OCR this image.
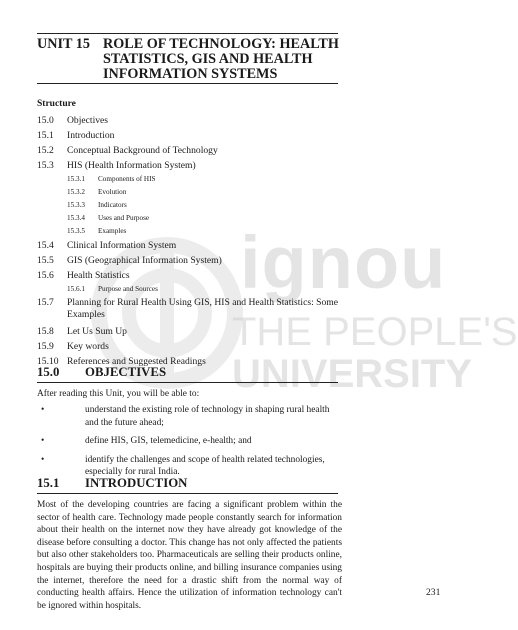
ignou
THE PEOPLE'S
UNIVERSITY
UNIT 15 ROLE OF TECHNOLOGY: HEALTH
STATISTICS, GIS AND HEALTH
INFORMATION SYSTEMS
Structure
15.0	Objectives
15.1	Introduction
15.2	Conceptual Background of Technology
15.3	HIS (Health Information System)
15.3.1	Components of HIS
15.3.2	Evolution
15.3.3	Indicators
15.3.4	Uses and Purpose
15.3.5	Examples
15.4	Clinical Information System
15.5	GIS (Geographical Information System)
15.6	Health Statistics
15.6.1	Purpose and Sources
15.7	Planning for Rural Health Using GIS, HIS and Health Statistics: Some Examples
15.8	Let Us Sum Up
15.9	Key words
15.10 References and Suggested Readings
15.0 OBJECTIVES
After reading this Unit, you will be able to:
•	understand the existing role of technology in shaping rural health and the future ahead;
•	define HIS, GIS, telemedicine, e-health; and
•	identify the challenges and scope of health related technologies, especially for rural India.
15.1 INTRODUCTION
Most of the developing countries are facing a significant problem within the sector of health care. Technology made people constantly search for information about their health on the internet now they have already got knowledge of the disease before consulting a doctor. This change has not only affected the patients but also other stakeholders too. Pharmaceuticals are selling their products online, hospitals are buying their products online, and billing insurance companies using the internet, therefore the need for a drastic shift from the normal way of conducting health affairs. Hence the utilization of information technology can't be ignored within hospitals.
231
